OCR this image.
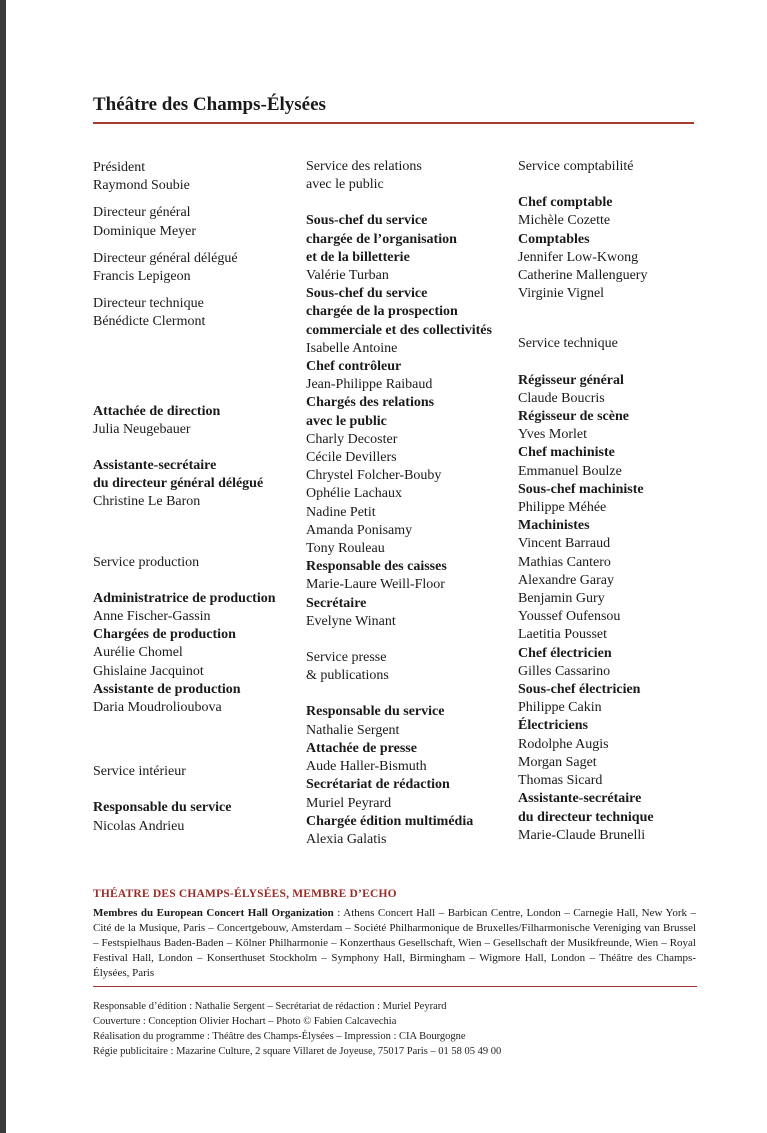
Théâtre des Champs-Élysées
Président
Raymond Soubie
Directeur général
Dominique Meyer
Directeur général délégué
Francis Lepigeon
Directeur technique
Bénédicte Clermont
Attachée de direction
Julia Neugebauer
Assistante-secrétaire
du directeur général délégué
Christine Le Baron
Service production
Administratrice de production
Anne Fischer-Gassin
Chargées de production
Aurélie Chomel
Ghislaine Jacquinot
Assistante de production
Daria Moudrolioubova
Service intérieur
Responsable du service
Nicolas Andrieu
Service des relations
avec le public
Sous-chef du service
chargée de l’organisation
et de la billetterie
Valérie Turban
Sous-chef du service
chargée de la prospection
commerciale et des collectivités
Isabelle Antoine
Chef contrôleur
Jean-Philippe Raibaud
Chargés des relations
avec le public
Charly Decoster
Cécile Devillers
Chrystel Folcher-Bouby
Ophélie Lachaux
Nadine Petit
Amanda Ponisamy
Tony Rouleau
Responsable des caisses
Marie-Laure Weill-Floor
Secrétaire
Evelyne Winant
Service presse
& publications
Responsable du service
Nathalie Sergent
Attachée de presse
Aude Haller-Bismuth
Secrétariat de rédaction
Muriel Peyrard
Chargée édition multimédia
Alexia Galatis
Service comptabilité
Chef comptable
Michèle Cozette
Comptables
Jennifer Low-Kwong
Catherine Mallenguery
Virginie Vignel
Service technique
Régisseur général
Claude Boucris
Régisseur de scène
Yves Morlet
Chef machiniste
Emmanuel Boulze
Sous-chef machiniste
Philippe Méhée
Machinistes
Vincent Barraud
Mathias Cantero
Alexandre Garay
Benjamin Gury
Youssef Oufensou
Laetitia Pousset
Chef électricien
Gilles Cassarino
Sous-chef électricien
Philippe Cakin
Électriciens
Rodolphe Augis
Morgan Saget
Thomas Sicard
Assistante-secrétaire
du directeur technique
Marie-Claude Brunelli
THÉATRE DES CHAMPS-ÉLYSÉES, MEMBRE D’ECHO
Membres du European Concert Hall Organization : Athens Concert Hall – Barbican Centre, London – Carnegie Hall, New York – Cité de la Musique, Paris – Concertgebouw, Amsterdam – Société Philharmonique de Bruxelles/Filharmonische Vereniging van Brussel – Festspielhaus Baden-Baden – Kölner Philharmonie – Konzerthaus Gesellschaft, Wien – Gesellschaft der Musikfreunde, Wien – Royal Festival Hall, London – Konserthuset Stockholm – Symphony Hall, Birmingham – Wigmore Hall, London – Théâtre des Champs-Élysées, Paris
Responsable d’édition : Nathalie Sergent – Secrétariat de rédaction : Muriel Peyrard
Couverture : Conception Olivier Hochart – Photo © Fabien Calcavechia
Réalisation du programme : Théâtre des Champs-Élysées – Impression : CIA Bourgogne
Régie publicitaire : Mazarine Culture, 2 square Villaret de Joyeuse, 75017 Paris – 01 58 05 49 00
